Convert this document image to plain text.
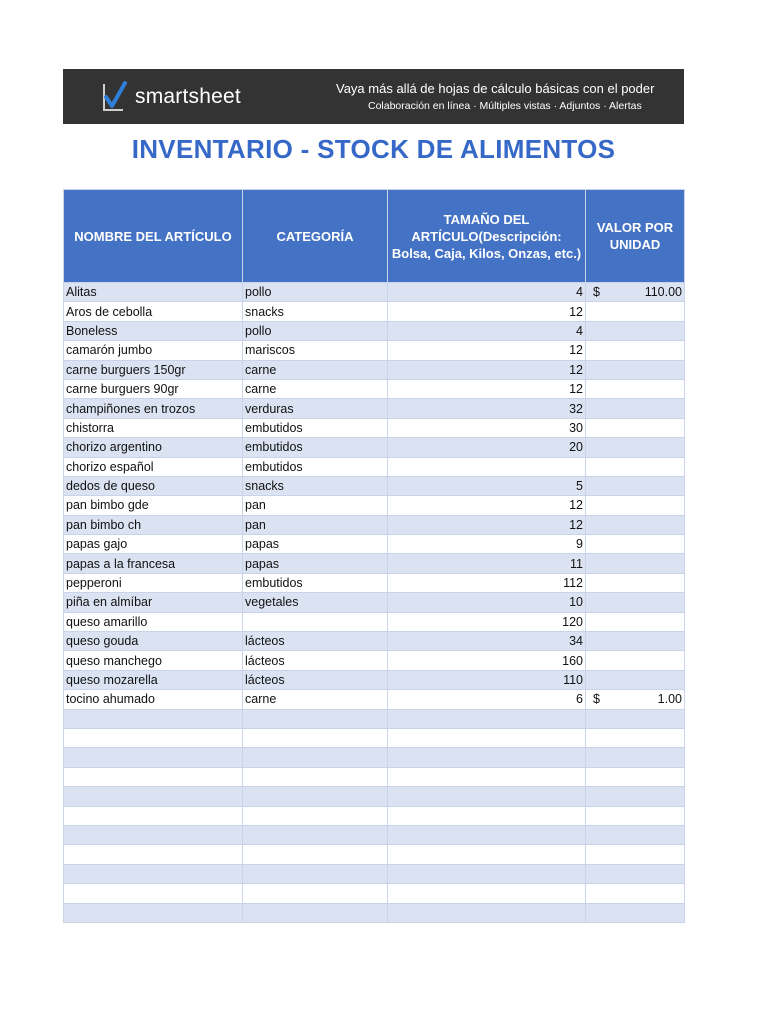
smartsheet	Vaya más allá de hojas de cálculo básicas con el poder
Colaboración en línea · Múltiples vistas · Adjuntos · Alertas
INVENTARIO - STOCK DE ALIMENTOS
NOMBRE DEL ARTÍCULO	CATEGORÍA	TAMAÑO DEL ARTÍCULO(Descripción: Bolsa, Caja, Kilos, Onzas, etc.)	VALOR POR UNIDAD
Alitas	pollo	4	$ 110.00
Aros de cebolla	snacks	12	

Boneless	pollo	4	

camarón jumbo	mariscos	12	

carne burguers 150gr	carne	12	

carne burguers 90gr	carne	12	

champiñones en trozos	verduras	32	

chistorra	embutidos	30	

chorizo argentino	embutidos	20	

chorizo español	embutidos		

dedos de queso	snacks	5	

pan bimbo gde	pan	12	

pan bimbo ch	pan	12	

papas gajo	papas	9	

papas a la francesa	papas	11	

pepperoni	embutidos	112	

piña en almíbar	vegetales	10	

queso amarillo		120	

queso gouda	lácteos	34	

queso manchego	lácteos	160	

queso mozarella	lácteos	110	

tocino ahumado	carne	6	$ 1.00
